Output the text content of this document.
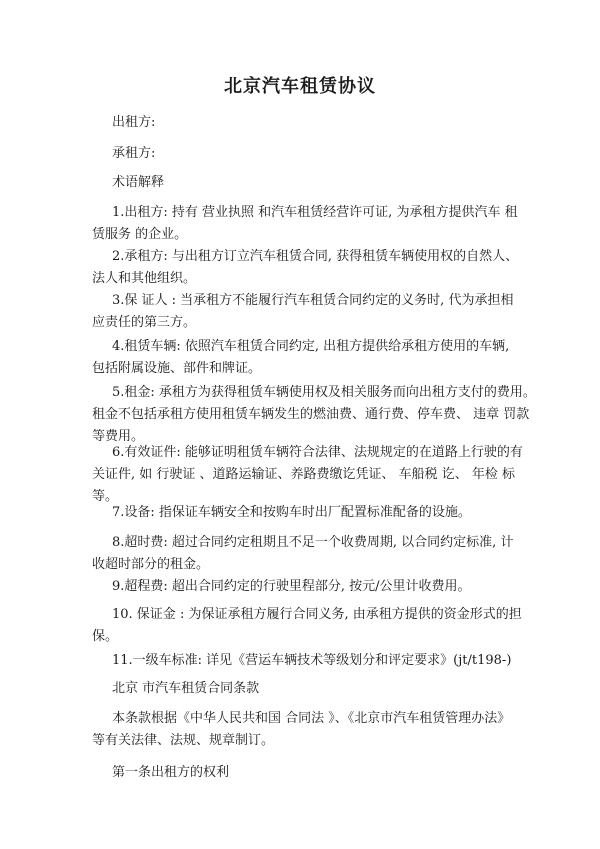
北京汽车租赁协议
出租方:
承租方:
术语解释
1.出租方: 持有 营业执照 和汽车租赁经营许可证, 为承租方提供汽车 租
赁服务 的企业。
2.承租方: 与出租方订立汽车租赁合同, 获得租赁车辆使用权的自然人、
法人和其他组织。
3.保 证人 : 当承租方不能履行汽车租赁合同约定的义务时, 代为承担相
应责任的第三方。
4.租赁车辆: 依照汽车租赁合同约定, 出租方提供给承租方使用的车辆,
包括附属设施、部件和牌证。
5.租金: 承租方为获得租赁车辆使用权及相关服务而向出租方支付的费用。
租金不包括承租方使用租赁车辆发生的燃油费、通行费、停车费、 违章 罚款
等费用。
6.有效证件: 能够证明租赁车辆符合法律、法规规定的在道路上行驶的有
关证件, 如 行驶证 、道路运输证、养路费缴讫凭证、 车船税 讫、 年检 标
等。
7.设备: 指保证车辆安全和按购车时出厂配置标准配备的设施。
8.超时费: 超过合同约定租期且不足一个收费周期, 以合同约定标准, 计
收超时部分的租金。
9.超程费: 超出合同约定的行驶里程部分, 按元/公里计收费用。
10. 保证金 : 为保证承租方履行合同义务, 由承租方提供的资金形式的担
保。
11.一级车标准: 详见《营运车辆技术等级划分和评定要求》(jt/t198-)
北京 市汽车租赁合同条款
本条款根据《中华人民共和国 合同法 》、《北京市汽车租赁管理办法》
等有关法律、法规、规章制订。
第一条出租方的权利
